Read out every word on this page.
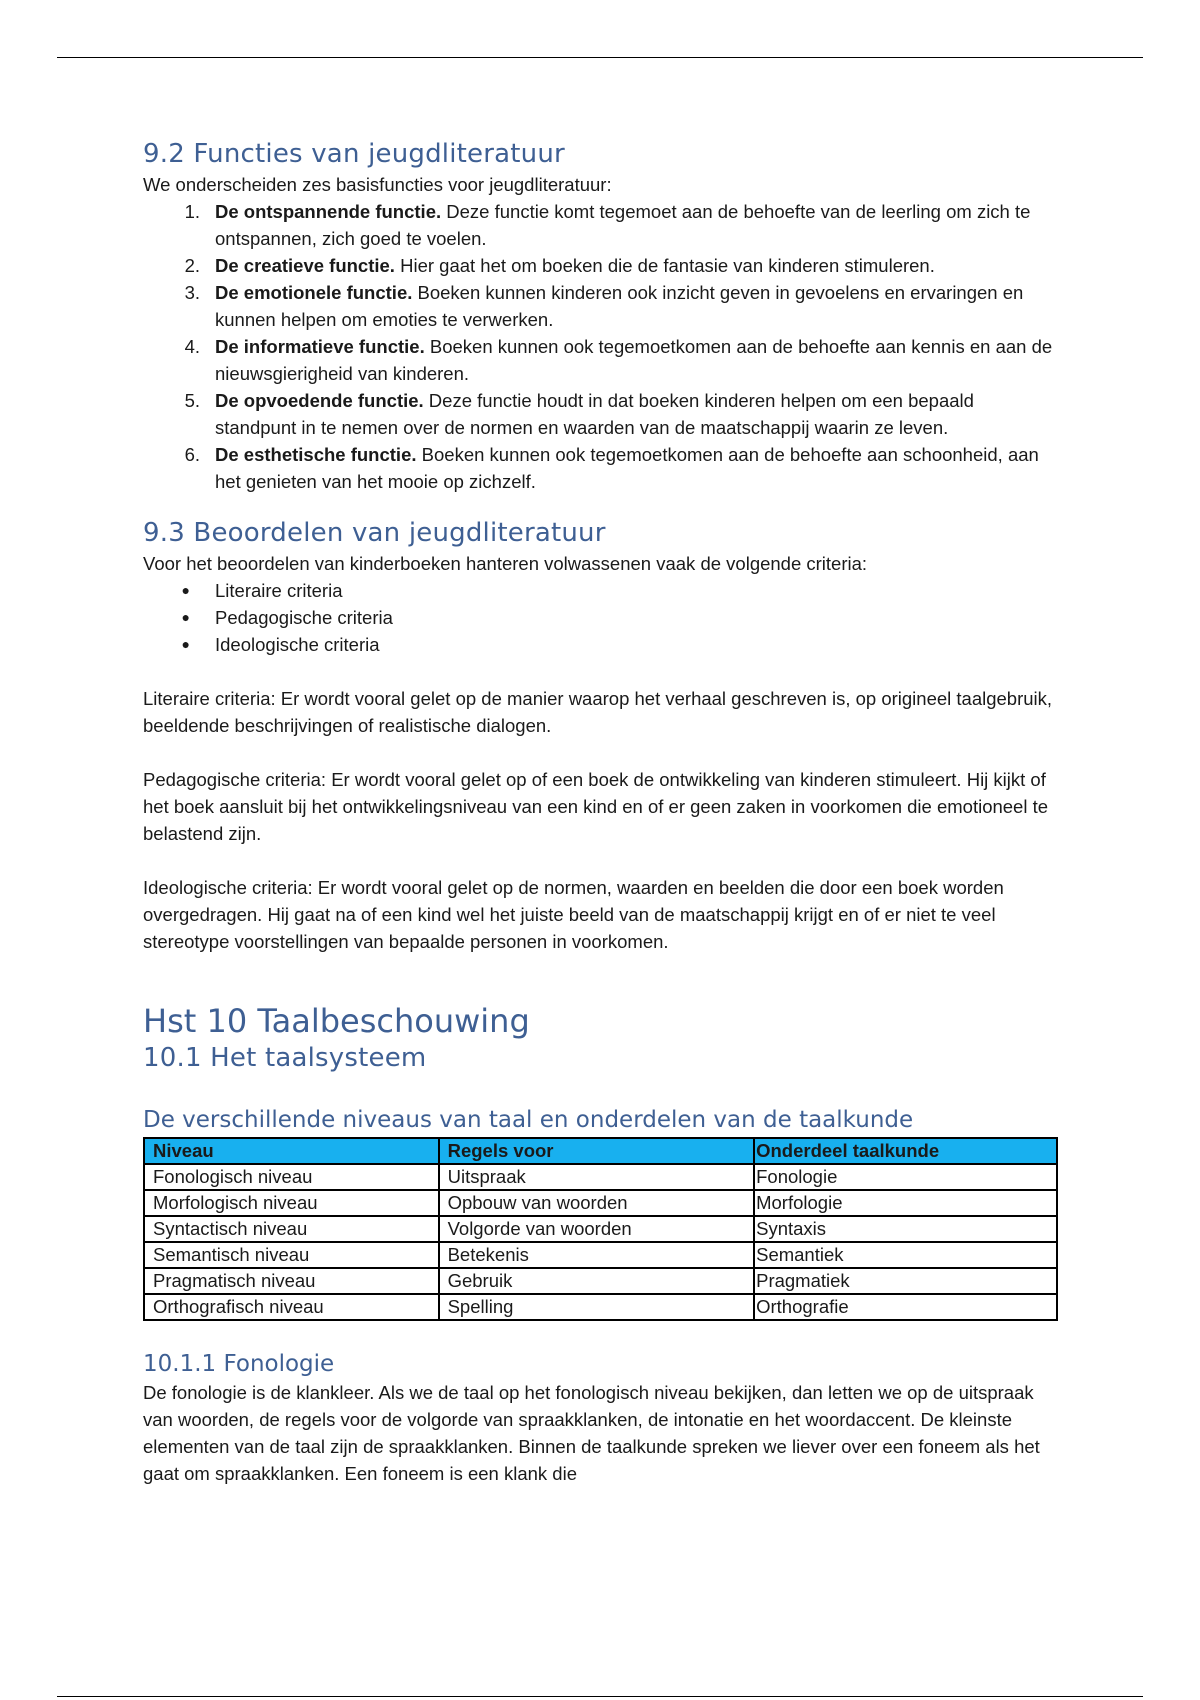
9.2 Functies van jeugdliteratuur

We onderscheiden zes basisfuncties voor jeugdliteratuur:

1. De ontspannende functie. Deze functie komt tegemoet aan de behoefte van de leerling om zich te ontspannen, zich goed te voelen.
2. De creatieve functie. Hier gaat het om boeken die de fantasie van kinderen stimuleren.
3. De emotionele functie. Boeken kunnen kinderen ook inzicht geven in gevoelens en ervaringen en kunnen helpen om emoties te verwerken.
4. De informatieve functie. Boeken kunnen ook tegemoetkomen aan de behoefte aan kennis en aan de nieuwsgierigheid van kinderen.
5. De opvoedende functie. Deze functie houdt in dat boeken kinderen helpen om een bepaald standpunt in te nemen over de normen en waarden van de maatschappij waarin ze leven.
6. De esthetische functie. Boeken kunnen ook tegemoetkomen aan de behoefte aan schoonheid, aan het genieten van het mooie op zichzelf.
9.3 Beoordelen van jeugdliteratuur

Voor het beoordelen van kinderboeken hanteren volwassenen vaak de volgende criteria:

●	Literaire criteria
●	Pedagogische criteria
●	Ideologische criteria

Literaire criteria: Er wordt vooral gelet op de manier waarop het verhaal geschreven is, op origineel taalgebruik, beeldende beschrijvingen of realistische dialogen.

Pedagogische criteria: Er wordt vooral gelet op of een boek de ontwikkeling van kinderen stimuleert. Hij kijkt of het boek aansluit bij het ontwikkelingsniveau van een kind en of er geen zaken in voorkomen die emotioneel te belastend zijn.

Ideologische criteria: Er wordt vooral gelet op de normen, waarden en beelden die door een boek worden overgedragen. Hij gaat na of een kind wel het juiste beeld van de maatschappij krijgt en of er niet te veel stereotype voorstellingen van bepaalde personen in voorkomen.

Hst 10 Taalbeschouwing
10.1 Het taalsysteem
De verschillende niveaus van taal en onderdelen van de taalkunde
Niveau	Regels voor	Onderdeel taalkunde
Fonologisch niveau	Uitspraak	Fonologie
Morfologisch niveau	Opbouw van woorden	Morfologie
Syntactisch niveau	Volgorde van woorden	Syntaxis
Semantisch niveau	Betekenis	Semantiek
Pragmatisch niveau	Gebruik	Pragmatiek
Orthografisch niveau	Spelling	Orthografie
10.1.1 Fonologie

De fonologie is de klankleer. Als we de taal op het fonologisch niveau bekijken, dan letten we op de uitspraak van woorden, de regels voor de volgorde van spraakklanken, de intonatie en het woordaccent. De kleinste elementen van de taal zijn de spraakklanken. Binnen de taalkunde spreken we liever over een foneem als het gaat om spraakklanken. Een foneem is een klank die
